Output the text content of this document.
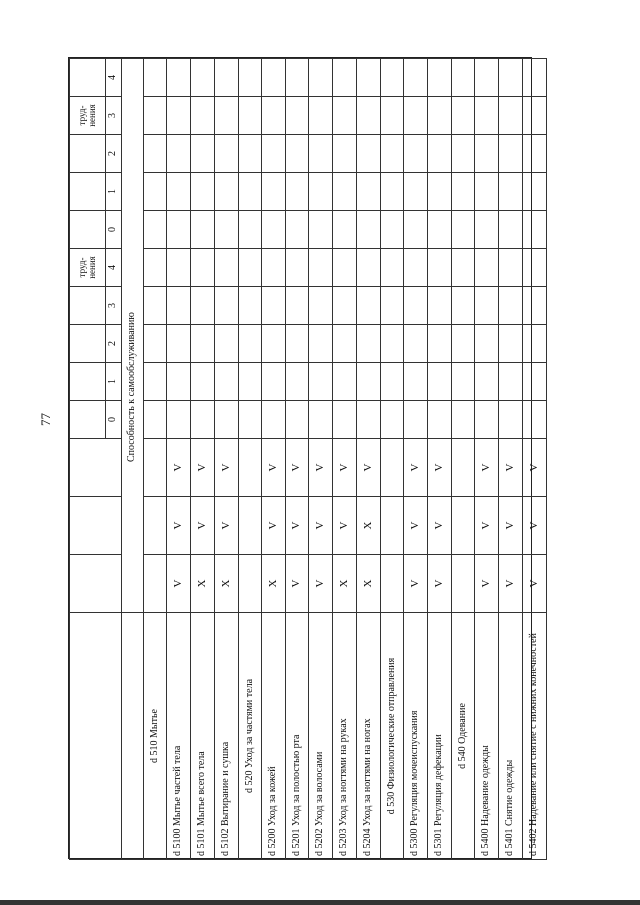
77
								труд-
нения				труд-
нения	
				0	1	2	3	4	0	1	2	3	4
	Способность к самообслуживанию												
d 510 Мытье													
d 5100 Мытье частей тела	V	V	V										
d 5101 Мытье всего тела	X	V	V										
d 5102 Вытирание и сушка	X	V	V										
d 520 Уход за частями тела													
d 5200 Уход за кожей	X	V	V										
d 5201 Уход за полостью рта	V	V	V										
d 5202 Уход за волосами	V	V	V										
d 5203 Уход за ногтями на руках	X	V	V										
d 5204 Уход за ногтями на ногах	X	X	V										
d 530 Физиологические отправления													
d 5300 Регуляция мочеиспускания	V	V	V										
d 5301 Регуляция дефекации	V	V	V										
d 540 Одевание													
d 5400 Надевание одежды	V	V	V										
d 5401 Снятие одежды	V	V	V										
d 5402 Надевание или снятие с нижних конечностей	V	V	V										
